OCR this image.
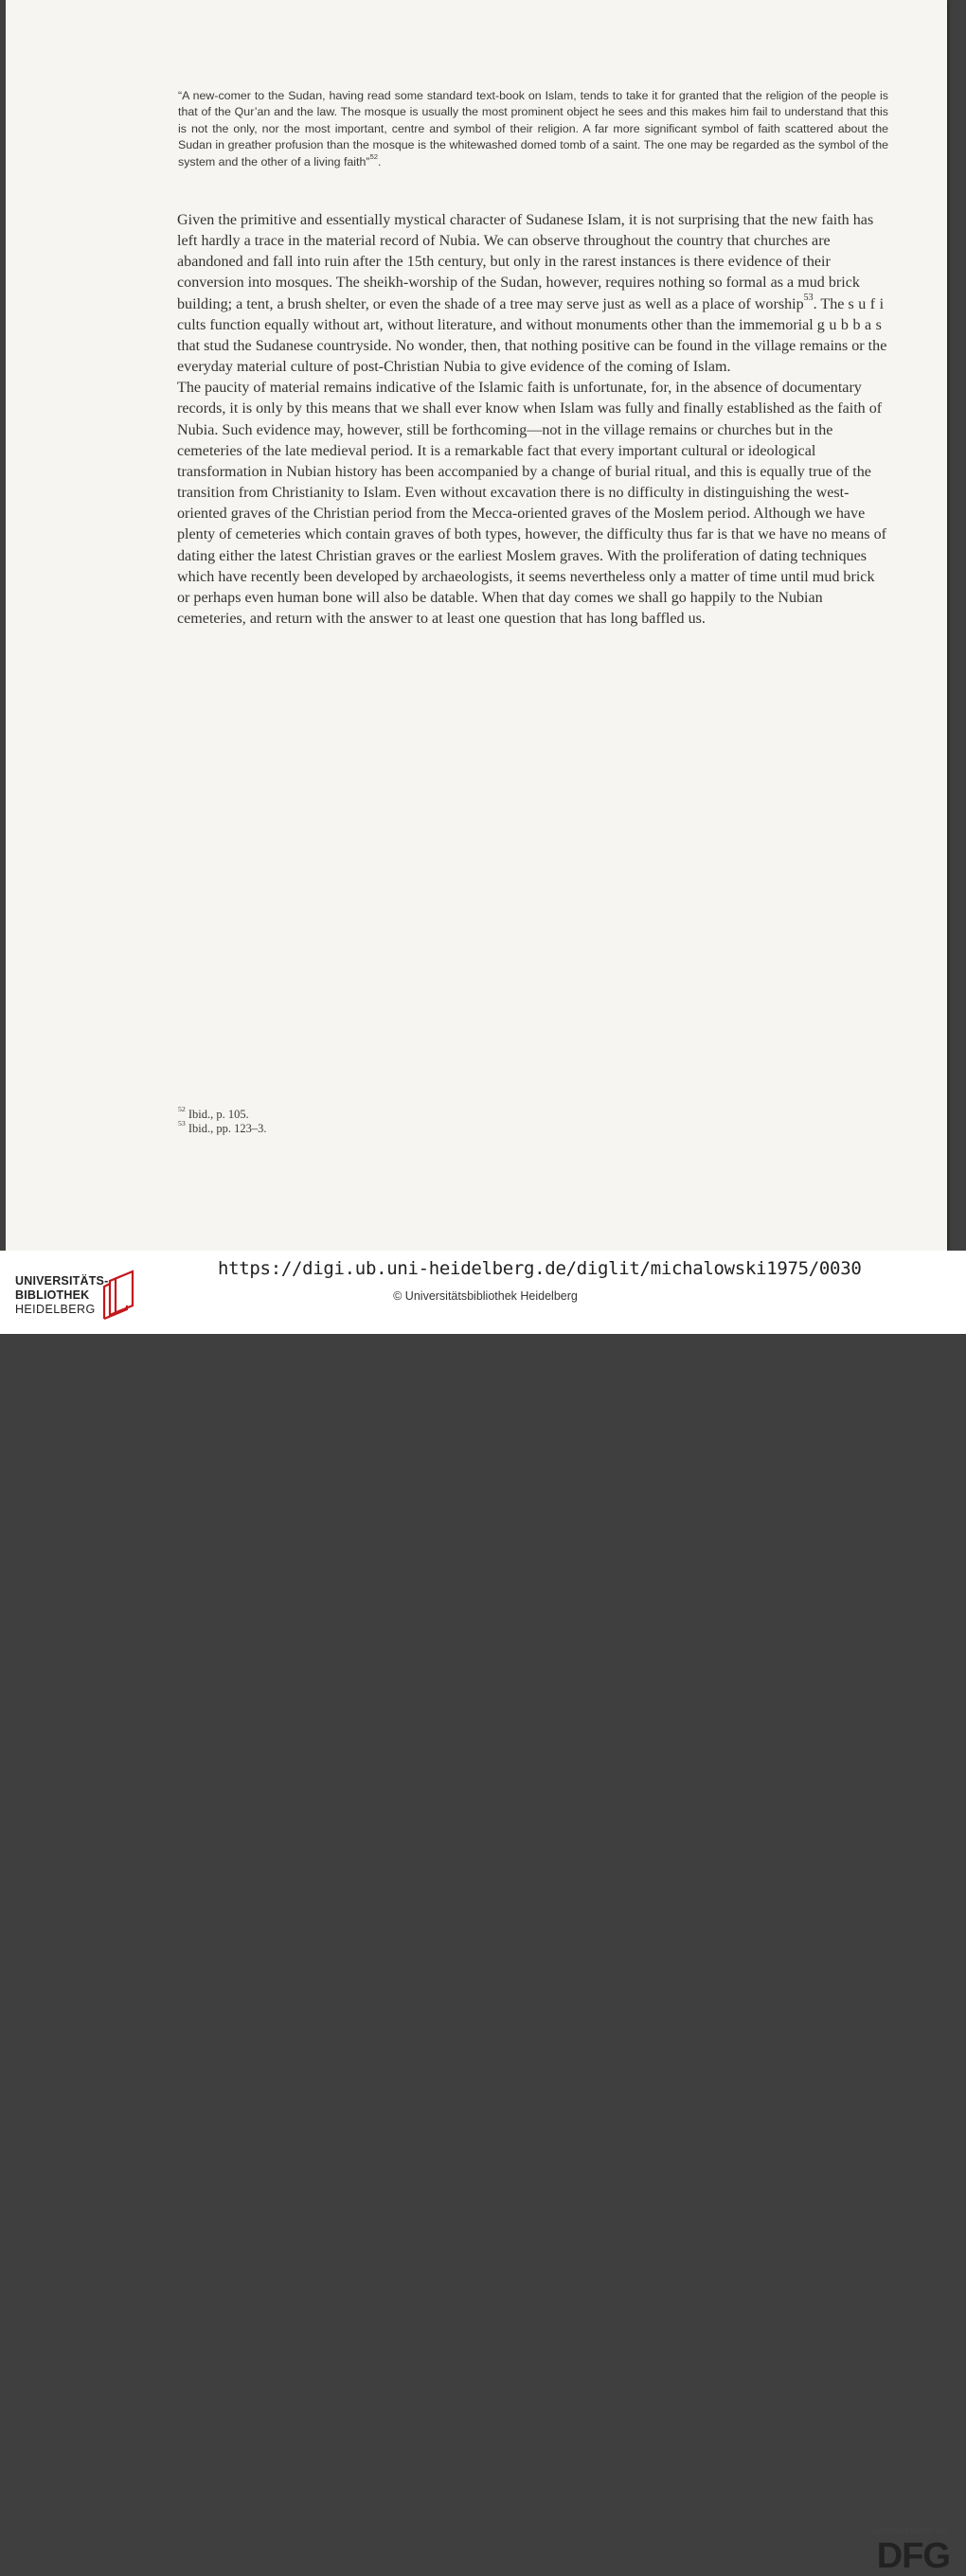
“A new-comer to the Sudan, having read some standard text-book on Islam, tends to take it for granted that the religion of the people is that of the Qur’an and the law. The mosque is usually the most prominent object he sees and this makes him fail to understand that this is not the only, nor the most important, centre and symbol of their religion. A far more significant symbol of faith scattered about the Sudan in greather profusion than the mosque is the whitewashed domed tomb of a saint. The one may be regarded as the symbol of the system and the other of a living faith”$^{52}$.

Given the primitive and essentially mystical character of Sudanese Islam, it is not surprising that the new faith has left hardly a trace in the material record of Nubia. We can observe throughout the country that churches are abandoned and fall into ruin after the 15th century, but only in the rarest instances is there evidence of their conversion into mosques. The sheikh-worship of the Sudan, however, requires nothing so formal as a mud brick building; a tent, a brush shelter, or even the shade of a tree may serve just as well as a place of worship$^{53}$. The sufi cults function equally without art, without literature, and without monuments other than the immemorial gubbas that stud the Sudanese countryside. No wonder, then, that nothing positive can be found in the village remains or the everyday material culture of post-Christian Nubia to give evidence of the coming of Islam.

The paucity of material remains indicative of the Islamic faith is unfortunate, for, in the absence of documentary records, it is only by this means that we shall ever know when Islam was fully and finally established as the faith of Nubia. Such evidence may, however, still be forthcoming—not in the village remains or churches but in the cemeteries of the late medieval period. It is a remarkable fact that every important cultural or ideological transformation in Nubian history has been accompanied by a change of burial ritual, and this is equally true of the transition from Christianity to Islam. Even without excavation there is no difficulty in distinguishing the west-oriented graves of the Christian period from the Mecca-oriented graves of the Moslem period. Although we have plenty of cemeteries which contain graves of both types, however, the difficulty thus far is that we have no means of dating either the latest Christian graves or the earliest Moslem graves. With the proliferation of dating techniques which have recently been developed by archaeologists, it seems nevertheless only a matter of time until mud brick or perhaps even human bone will also be datable. When that day comes we shall go happily to the Nubian cemeteries, and return with the answer to at least one question that has long baffled us.

$^{52}$ Ibid., p. 105.
$^{53}$ Ibid., pp. 123–3.
UNIVERSITÄTS-
BIBLIOTHEK
HEIDELBERG
gefördert durch die
DFG
https://digi.ub.uni-heidelberg.de/diglit/michalowski1975/0030
© Universitätsbibliothek Heidelberg
